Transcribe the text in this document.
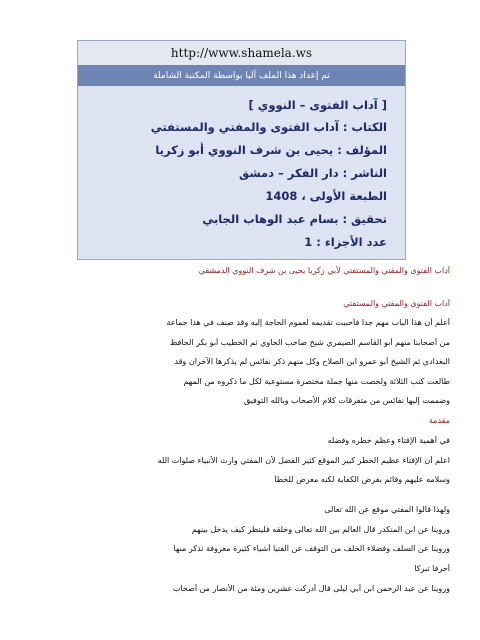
http://www.shamela.ws
تم إعداد هذا الملف آليا بواسطة المكتبة الشاملة
[ آداب الفتوى – النووي ]
الكتاب : آداب الفتوى والمفتي والمستفتي
المؤلف : يحيى بن شرف النووي أبو زكريا
الناشر : دار الفكر – دمشق
الطبعة الأولى ، 1408
تحقيق : بسام عبد الوهاب الجابي
عدد الأجزاء : 1
آداب الفتوى والمفتي والمستفتي لأبي زكريا يحيى بن شرف النووي الدمشقي
آداب الفتوى والمفتي والمستفتي
أعلم أن هذا الباب مهم جدا فأحببت تقديمه لعموم الحاجة إليه وقد صنف في هذا جماعة
من أصحابنا منهم أبو القاسم الصيمري شيخ صاحب الحاوي ثم الخطيب أبو بكر الحافظ
البغدادي ثم الشيخ أبو عمرو ابن الصلاح وكل منهم ذكر نفائس لم يذكرها الآخران وقد
طالعت كتب الثلاثة ولخصت منها جملة مختصرة مستوعبة لكل ما ذكروه من المهم
وضممت إليها نفائس من متفرقات كلام الأصحاب وبالله التوفيق
مقدمة
في أهمية الإفتاء وعظم خطره وفضله
اعلم أن الإفتاء عظيم الخطر كبير الموقع كثير الفضل لأن المفتي وارث الأنبياء صلوات الله
وسلامه عليهم وقائم بفرض الكفاية لكنه معرض للخطأ
ولهذا قالوا المفتي موقع عن الله تعالى
وروينا عن ابن المنكدر قال العالم بين الله تعالى وخلقه فلينظر كيف يدخل بينهم
وروينا عن السلف وفضلاء الخلف من التوقف عن الفتيا أشياء كثيرة معروفة نذكر منها
أحرفا تبركا
وروينا عن عبد الرحمن ابن أبي ليلى قال أدركت عشرين ومئة من الأنصار من أصحاب
